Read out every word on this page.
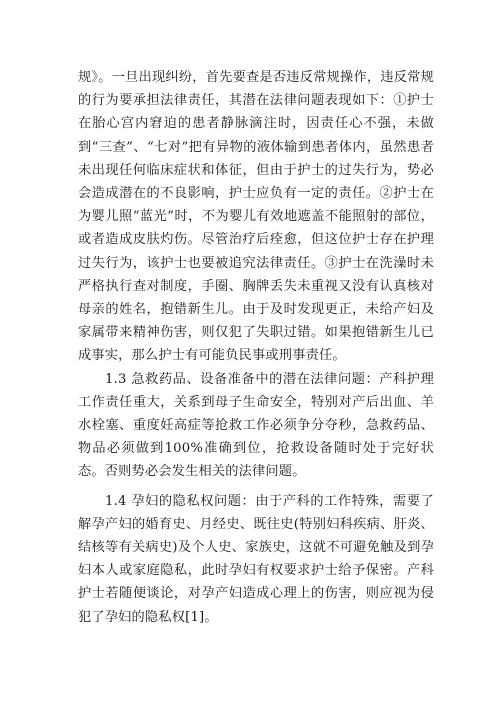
规》。一旦出现纠纷，首先要查是否违反常规操作，违反常规的行为要承担法律责任，其潜在法律问题表现如下：①护士在胎心宫内窘迫的患者静脉滴注时，因责任心不强，未做到“三查”、“七对”把有异物的液体输到患者体内，虽然患者未出现任何临床症状和体征，但由于护士的过失行为，势必会造成潜在的不良影响，护士应负有一定的责任。②护士在为婴儿照“蓝光”时，不为婴儿有效地遮盖不能照射的部位，或者造成皮肤灼伤。尽管治疗后痊愈，但这位护士存在护理过失行为，该护士也要被追究法律责任。③护士在洗澡时未严格执行查对制度，手圈、胸牌丢失未重视又没有认真核对母亲的姓名，抱错新生儿。由于及时发现更正，未给产妇及家属带来精神伤害，则仅犯了失职过错。如果抱错新生儿已成事实，那么护士有可能负民事或刑事责任。

1.3 急救药品、设备准备中的潜在法律问题：产科护理工作责任重大，关系到母子生命安全，特别对产后出血、羊水栓塞、重度妊高症等抢救工作必须争分夺秒，急救药品、物品必须做到100%准确到位，抢救设备随时处于完好状态。否则势必会发生相关的法律问题。

1.4 孕妇的隐私权问题：由于产科的工作特殊，需要了解孕产妇的婚育史、月经史、既往史(特别妇科疾病、肝炎、结核等有关病史)及个人史、家族史，这就不可避免触及到孕妇本人或家庭隐私，此时孕妇有权要求护士给予保密。产科护士若随便谈论，对孕产妇造成心理上的伤害，则应视为侵犯了孕妇的隐私权[1]。
